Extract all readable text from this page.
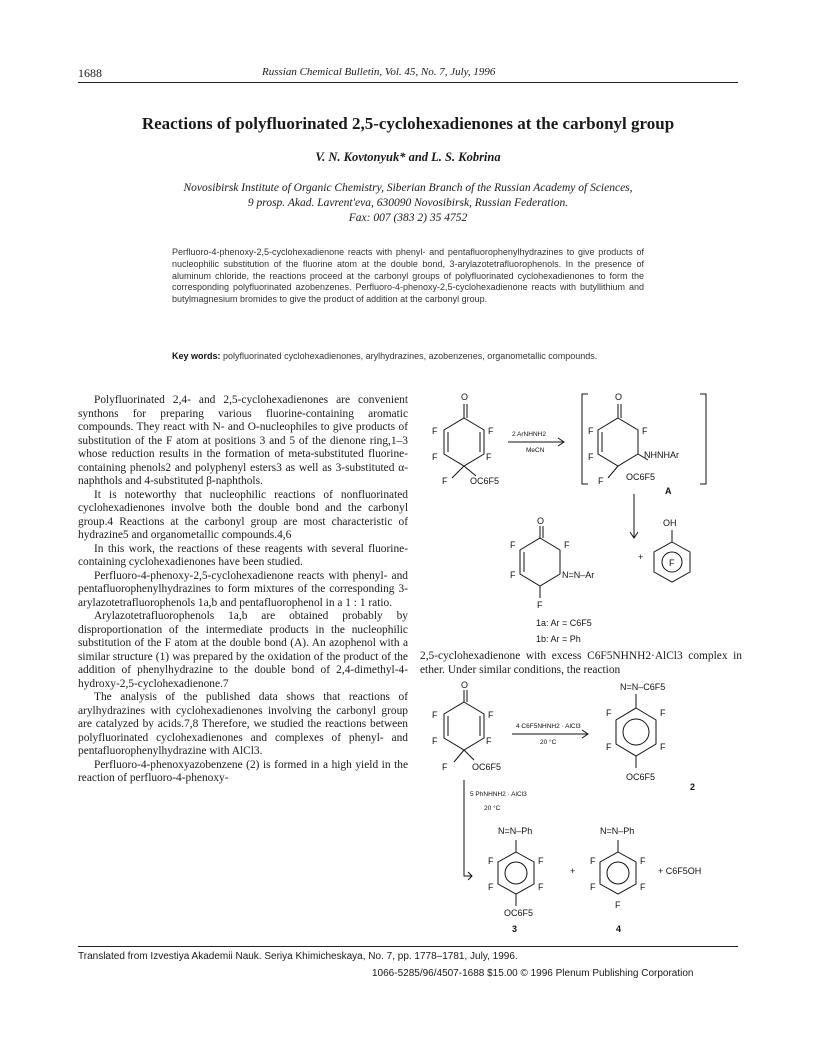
1688	Russian Chemical Bulletin, Vol. 45, No. 7, July, 1996
Reactions of polyfluorinated 2,5-cyclohexadienones at the carbonyl group
V. N. Kovtonyuk* and L. S. Kobrina
Novosibirsk Institute of Organic Chemistry, Siberian Branch of the Russian Academy of Sciences,
9 prosp. Akad. Lavrent'eva, 630090 Novosibirsk, Russian Federation.
Fax: 007 (383 2) 35 4752
Perfluoro-4-phenoxy-2,5-cyclohexadienone reacts with phenyl- and pentafluorophenylhydrazines to give products of nucleophilic substitution of the fluorine atom at the double bond, 3-arylazotetrafluorophenols. In the presence of aluminum chloride, the reactions proceed at the carbonyl groups of polyfluorinated cyclohexadienones to form the corresponding polyfluorinated azobenzenes. Perfluoro-4-phenoxy-2,5-cyclohexadienone reacts with butyllithium and butylmagnesium bromides to give the product of addition at the carbonyl group.
Key words: polyfluorinated cyclohexadienones, arylhydrazines, azobenzenes, organometallic compounds.

Polyfluorinated 2,4- and 2,5-cyclohexadienones are convenient synthons for preparing various fluorine-containing aromatic compounds. They react with N- and O-nucleophiles to give products of substitution of the F atom at positions 3 and 5 of the dienone ring,1–3 whose reduction results in the formation of meta-substituted fluorine-containing phenols2 and polyphenyl esters3 as well as 3-substituted α-naphthols and 4-substituted β-naphthols.

It is noteworthy that nucleophilic reactions of nonfluorinated cyclohexadienones involve both the double bond and the carbonyl group.4 Reactions at the carbonyl group are most characteristic of hydrazine5 and organometallic compounds.4,6

In this work, the reactions of these reagents with several fluorine-containing cyclohexadienones have been studied.

Perfluoro-4-phenoxy-2,5-cyclohexadienone reacts with phenyl- and pentafluorophenylhydrazines to form mixtures of the corresponding 3-arylazotetrafluorophenols 1a,b and pentafluorophenol in a 1 : 1 ratio.

Arylazotetrafluorophenols 1a,b are obtained probably by disproportionation of the intermediate products in the nucleophilic substitution of the F atom at the double bond (A). An azophenol with a similar structure (1) was prepared by the oxidation of the product of the addition of phenylhydrazine to the double bond of 2,4-dimethyl-4-hydroxy-2,5-cyclohexadienone.7

The analysis of the published data shows that reactions of arylhydrazines with cyclohexadienones involving the carbonyl group are catalyzed by acids.7,8 Therefore, we studied the reactions between polyfluorinated cyclohexadienones and complexes of phenyl- and pentafluorophenylhydrazine with AlCl3.

Perfluoro-4-phenoxyazobenzene (2) is formed in a high yield in the reaction of perfluoro-4-phenoxy-

O
F	F
F	F
F	OC6F5
2 ArNHNH2
MeCN
O
F	F
F	NHNHAr
F	OC6F5
A
O
F	F
F	N=N–Ar
F
+
OH
F
1a: Ar = C6F5
1b: Ar = Ph
2,5-cyclohexadienone with excess C6F5NHNH2·AlCl3 complex in ether. Under similar conditions, the reaction
O
F	F
F	F
F	OC6F5
4 C6F5NHNH2 · AlCl3
20 °C
N=N–C6F5
F	F
F	F
OC6F5
2
5 PhNHNH2 · AlCl3
20 °C
N=N–Ph
F	F
F	F
OC6F5
3
+
N=N–Ph
F	F
F	F
F
4
+ C6F5OH
Translated from Izvestiya Akademii Nauk. Seriya Khimicheskaya, No. 7, pp. 1778–1781, July, 1996.
1066-5285/96/4507-1688 $15.00 © 1996 Plenum Publishing Corporation
